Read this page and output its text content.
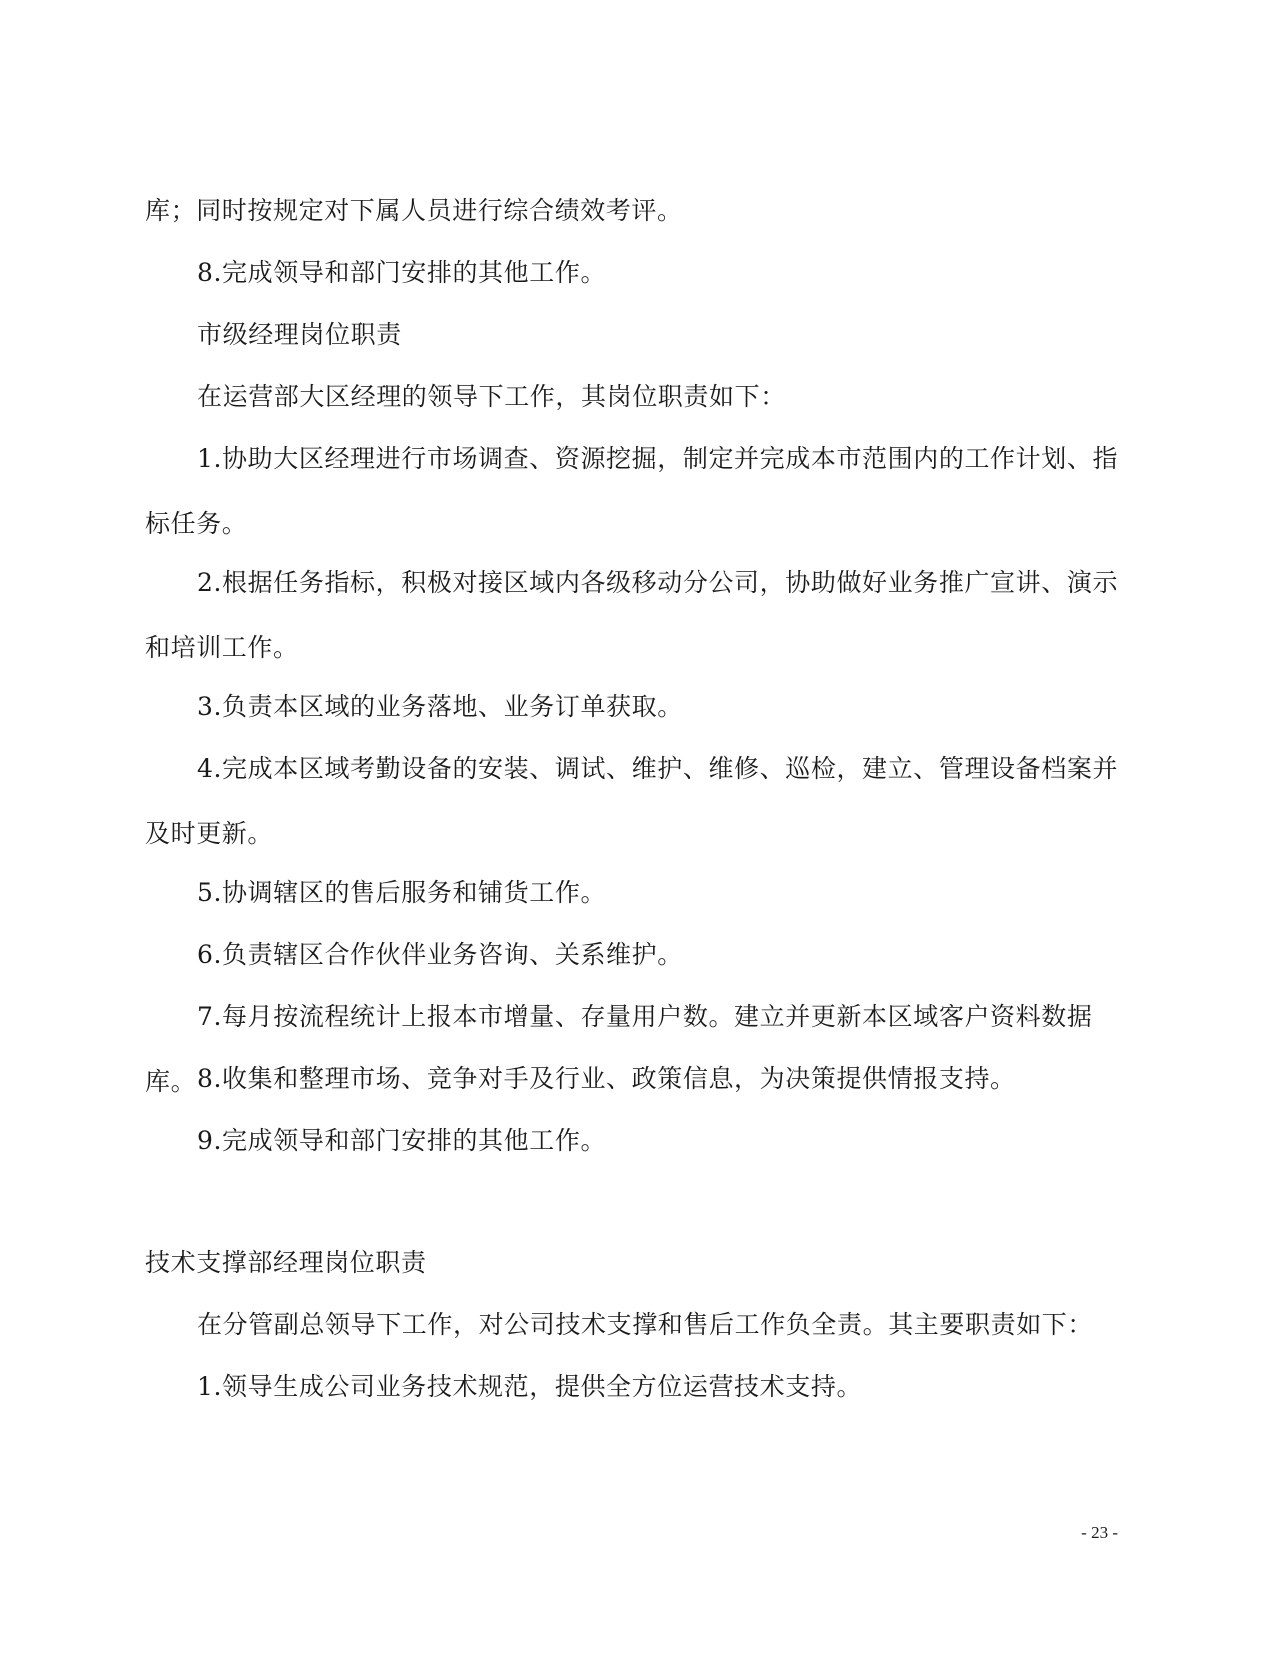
库；同时按规定对下属人员进行综合绩效考评。

8.完成领导和部门安排的其他工作。

市级经理岗位职责

在运营部大区经理的领导下工作，其岗位职责如下：

1.协助大区经理进行市场调查、资源挖掘，制定并完成本市范围内的工作计划、指标任务。

2.根据任务指标，积极对接区域内各级移动分公司，协助做好业务推广宣讲、演示和培训工作。

3.负责本区域的业务落地、业务订单获取。

4.完成本区域考勤设备的安装、调试、维护、维修、巡检，建立、管理设备档案并及时更新。

5.协调辖区的售后服务和铺货工作。

6.负责辖区合作伙伴业务咨询、关系维护。

7.每月按流程统计上报本市增量、存量用户数。建立并更新本区域客户资料数据库。 8.收集和整理市场、竞争对手及行业、政策信息，为决策提供情报支持。

9.完成领导和部门安排的其他工作。

技术支撑部经理岗位职责

在分管副总领导下工作，对公司技术支撑和售后工作负全责。其主要职责如下：

1.领导生成公司业务技术规范，提供全方位运营技术支持。

- 23 -
